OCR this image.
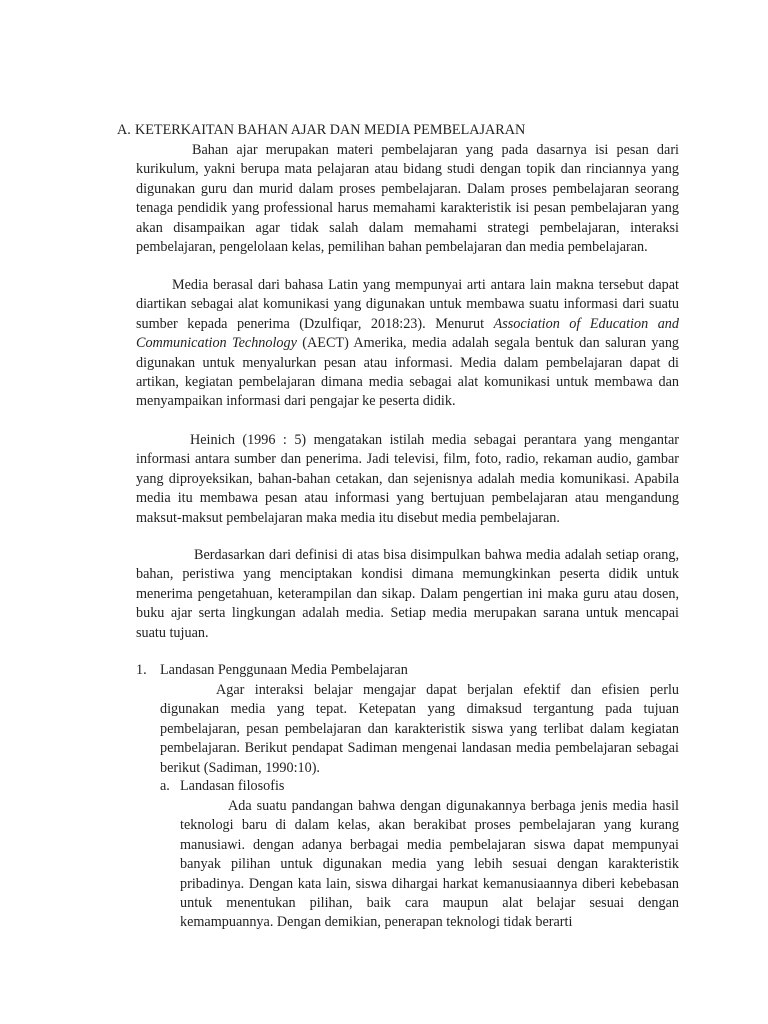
A. KETERKAITAN BAHAN AJAR DAN MEDIA PEMBELAJARAN

Bahan ajar merupakan materi pembelajaran yang pada dasarnya isi pesan dari kurikulum, yakni berupa mata pelajaran atau bidang studi dengan topik dan rinciannya yang digunakan guru dan murid dalam proses pembelajaran. Dalam proses pembelajaran seorang tenaga pendidik yang professional harus memahami karakteristik isi pesan pembelajaran yang akan disampaikan agar tidak salah dalam memahami strategi pembelajaran, interaksi pembelajaran, pengelolaan kelas, pemilihan bahan pembelajaran dan media pembelajaran.

Media berasal dari bahasa Latin yang mempunyai arti antara lain makna tersebut dapat diartikan sebagai alat komunikasi yang digunakan untuk membawa suatu informasi dari suatu sumber kepada penerima (Dzulfiqar, 2018:23). Menurut Association of Education and Communication Technology (AECT) Amerika, media adalah segala bentuk dan saluran yang digunakan untuk menyalurkan pesan atau informasi. Media dalam pembelajaran dapat di artikan, kegiatan pembelajaran dimana media sebagai alat komunikasi untuk membawa dan menyampaikan informasi dari pengajar ke peserta didik.

Heinich (1996 : 5) mengatakan istilah media sebagai perantara yang mengantar informasi antara sumber dan penerima. Jadi televisi, film, foto, radio, rekaman audio, gambar yang diproyeksikan, bahan-bahan cetakan, dan sejenisnya adalah media komunikasi. Apabila media itu membawa pesan atau informasi yang bertujuan pembelajaran atau mengandung maksut-maksut pembelajaran maka media itu disebut media pembelajaran.

Berdasarkan dari definisi di atas bisa disimpulkan bahwa media adalah setiap orang, bahan, peristiwa yang menciptakan kondisi dimana memungkinkan peserta didik untuk menerima pengetahuan, keterampilan dan sikap. Dalam pengertian ini maka guru atau dosen, buku ajar serta lingkungan adalah media. Setiap media merupakan sarana untuk mencapai suatu tujuan.

1. Landasan Penggunaan Media Pembelajaran

Agar interaksi belajar mengajar dapat berjalan efektif dan efisien perlu digunakan media yang tepat. Ketepatan yang dimaksud tergantung pada tujuan pembelajaran, pesan pembelajaran dan karakteristik siswa yang terlibat dalam kegiatan pembelajaran. Berikut pendapat Sadiman mengenai landasan media pembelajaran sebagai berikut (Sadiman, 1990:10).

a. Landasan filosofis

Ada suatu pandangan bahwa dengan digunakannya berbaga jenis media hasil teknologi baru di dalam kelas, akan berakibat proses pembelajaran yang kurang manusiawi. dengan adanya berbagai media pembelajaran siswa dapat mempunyai banyak pilihan untuk digunakan media yang lebih sesuai dengan karakteristik pribadinya. Dengan kata lain, siswa dihargai harkat kemanusiaannya diberi kebebasan untuk menentukan pilihan, baik cara maupun alat belajar sesuai dengan kemampuannya. Dengan demikian, penerapan teknologi tidak berarti
